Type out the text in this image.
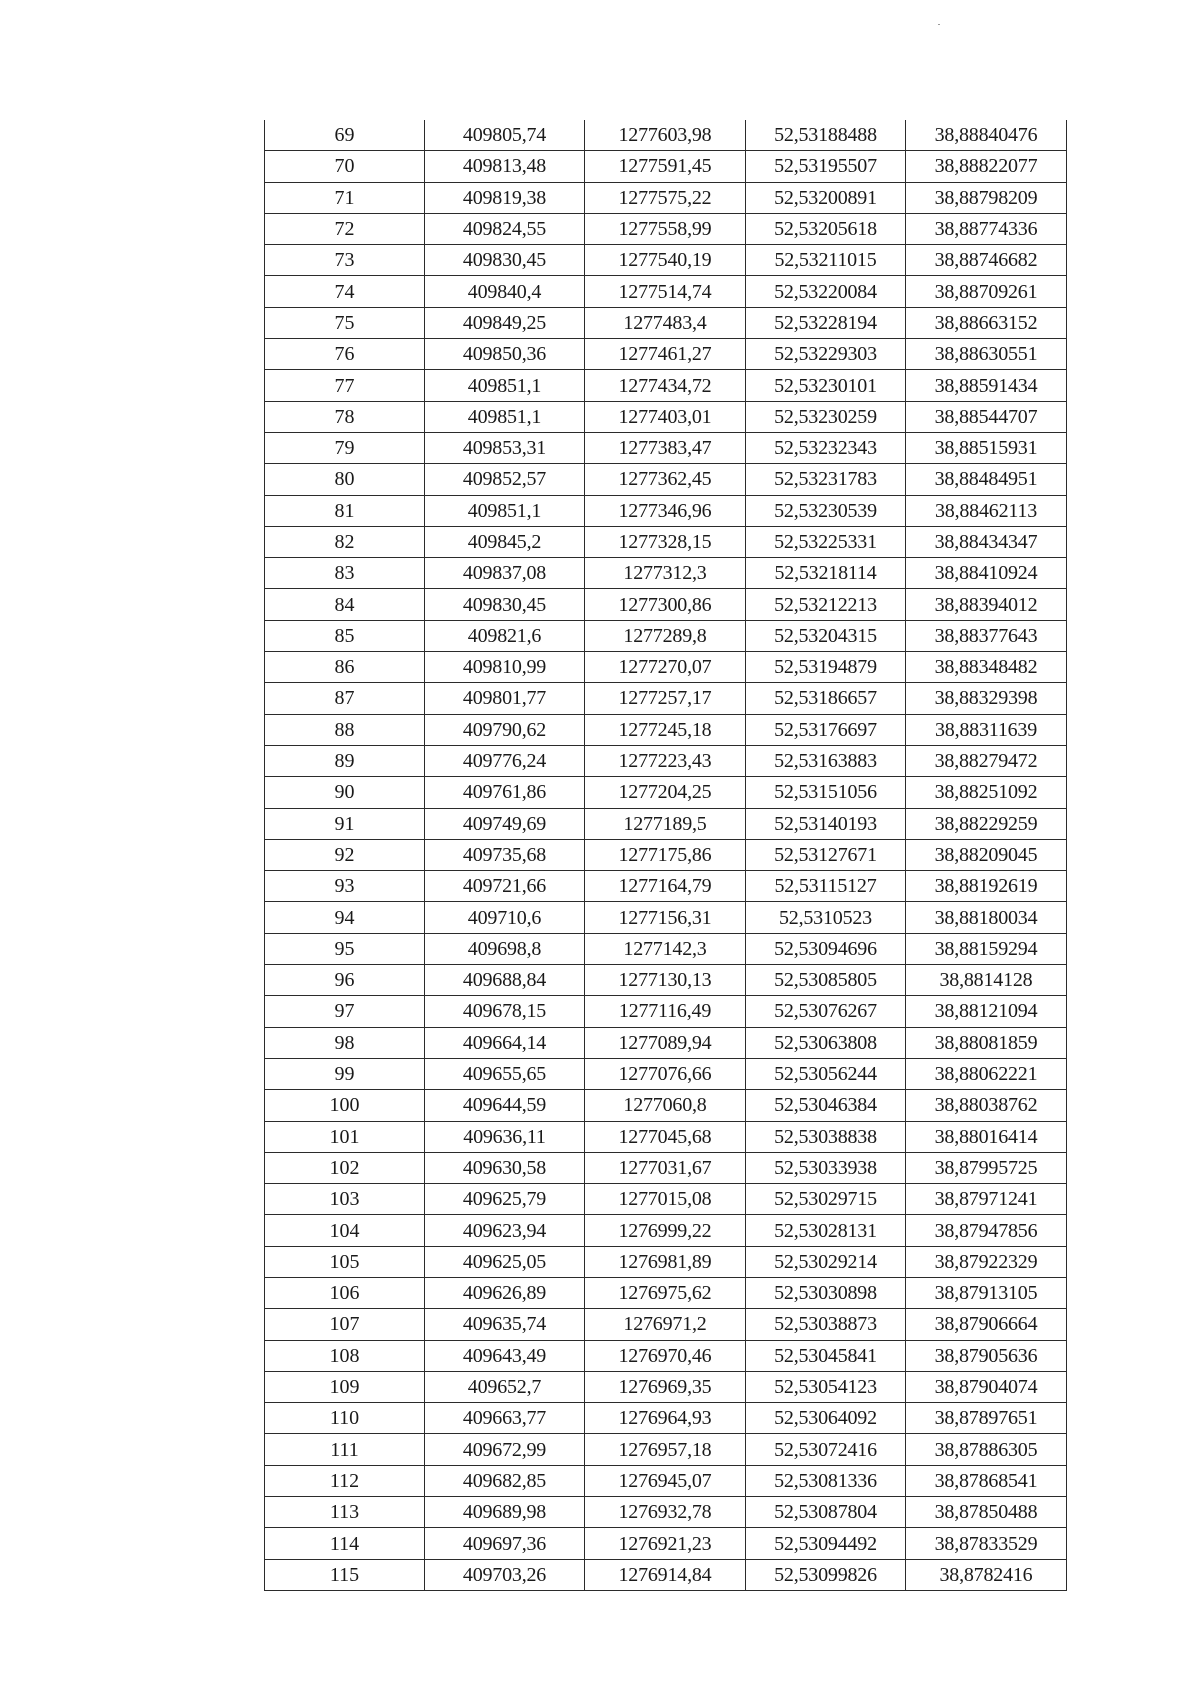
69	409805,74	1277603,98	52,53188488	38,88840476
70	409813,48	1277591,45	52,53195507	38,88822077
71	409819,38	1277575,22	52,53200891	38,88798209
72	409824,55	1277558,99	52,53205618	38,88774336
73	409830,45	1277540,19	52,53211015	38,88746682
74	409840,4	1277514,74	52,53220084	38,88709261
75	409849,25	1277483,4	52,53228194	38,88663152
76	409850,36	1277461,27	52,53229303	38,88630551
77	409851,1	1277434,72	52,53230101	38,88591434
78	409851,1	1277403,01	52,53230259	38,88544707
79	409853,31	1277383,47	52,53232343	38,88515931
80	409852,57	1277362,45	52,53231783	38,88484951
81	409851,1	1277346,96	52,53230539	38,88462113
82	409845,2	1277328,15	52,53225331	38,88434347
83	409837,08	1277312,3	52,53218114	38,88410924
84	409830,45	1277300,86	52,53212213	38,88394012
85	409821,6	1277289,8	52,53204315	38,88377643
86	409810,99	1277270,07	52,53194879	38,88348482
87	409801,77	1277257,17	52,53186657	38,88329398
88	409790,62	1277245,18	52,53176697	38,88311639
89	409776,24	1277223,43	52,53163883	38,88279472
90	409761,86	1277204,25	52,53151056	38,88251092
91	409749,69	1277189,5	52,53140193	38,88229259
92	409735,68	1277175,86	52,53127671	38,88209045
93	409721,66	1277164,79	52,53115127	38,88192619
94	409710,6	1277156,31	52,5310523	38,88180034
95	409698,8	1277142,3	52,53094696	38,88159294
96	409688,84	1277130,13	52,53085805	38,8814128
97	409678,15	1277116,49	52,53076267	38,88121094
98	409664,14	1277089,94	52,53063808	38,88081859
99	409655,65	1277076,66	52,53056244	38,88062221
100	409644,59	1277060,8	52,53046384	38,88038762
101	409636,11	1277045,68	52,53038838	38,88016414
102	409630,58	1277031,67	52,53033938	38,87995725
103	409625,79	1277015,08	52,53029715	38,87971241
104	409623,94	1276999,22	52,53028131	38,87947856
105	409625,05	1276981,89	52,53029214	38,87922329
106	409626,89	1276975,62	52,53030898	38,87913105
107	409635,74	1276971,2	52,53038873	38,87906664
108	409643,49	1276970,46	52,53045841	38,87905636
109	409652,7	1276969,35	52,53054123	38,87904074
110	409663,77	1276964,93	52,53064092	38,87897651
111	409672,99	1276957,18	52,53072416	38,87886305
112	409682,85	1276945,07	52,53081336	38,87868541
113	409689,98	1276932,78	52,53087804	38,87850488
114	409697,36	1276921,23	52,53094492	38,87833529
115	409703,26	1276914,84	52,53099826	38,8782416
